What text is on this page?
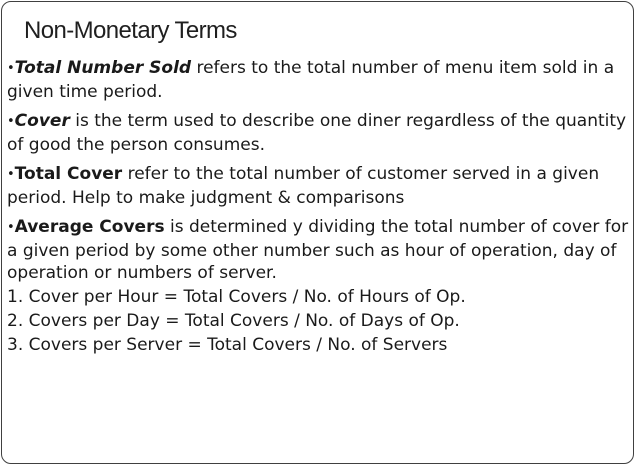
Non-Monetary Terms

•Total Number Sold refers to the total number of menu item sold in a given time period.

•Cover is the term used to describe one diner regardless of the quantity of good the person consumes.

•Total Cover refer to the total number of customer served in a given period. Help to make judgment & comparisons

•Average Covers is determined y dividing the total number of cover for a given period by some other number such as hour of operation, day of operation or numbers of server.

1. Cover per Hour = Total Covers / No. of Hours of Op.

2. Covers per Day = Total Covers / No. of Days of Op.

3. Covers per Server = Total Covers / No. of Servers
